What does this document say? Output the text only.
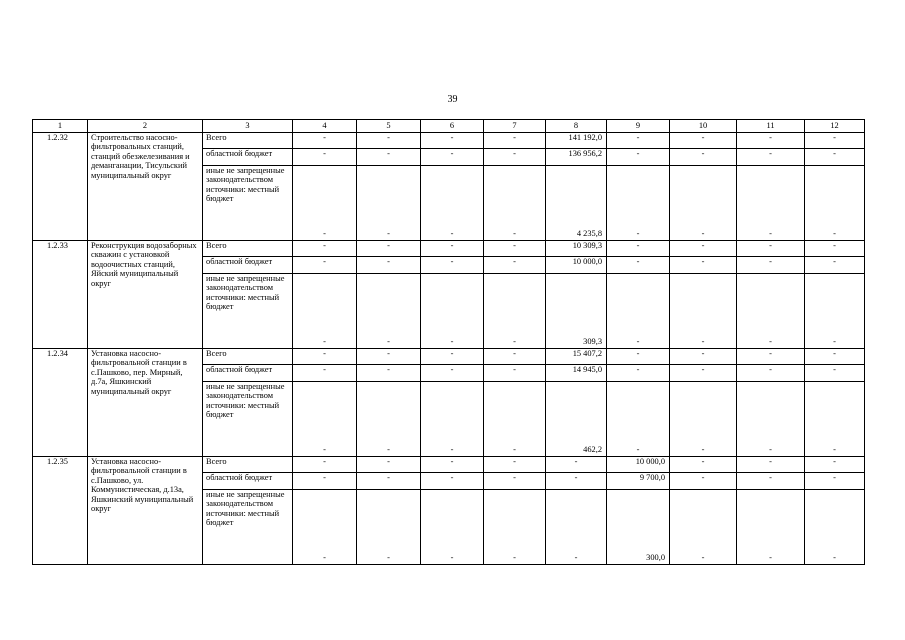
39
1	2	3	4	5	6	7	8	9	10	11	12
1.2.32	Строительство насосно-фильтровальных станций, станций обезжелезивания и деманганации, Тисульский муниципальный округ	Всего	-	-	-	-	141 192,0	-	-	-	-
		областной бюджет	-	-	-	-	136 956,2	-	-	-	-

		иные не запрещенные законодательством источники: местный бюджет	-	-	-	-	4 235,8	-	-	-	-
1.2.33	Реконструкция водозаборных скважин с установкой водоочистных станций, Яйский муниципальный округ	Всего	-	-	-	-	10 309,3	-	-	-	-
		областной бюджет	-	-	-	-	10 000,0	-	-	-	-

		иные не запрещенные законодательством источники: местный бюджет	-	-	-	-	309,3	-	-	-	-
1.2.34	Установка насосно-фильтровальной станции в с.Пашково, пер. Мирный, д.7а, Яшкинский муниципальный округ	Всего	-	-	-	-	15 407,2	-	-	-	-
		областной бюджет	-	-	-	-	14 945,0	-	-	-	-

		иные не запрещенные законодательством источники: местный бюджет	-	-	-	-	462,2	-	-	-	-
1.2.35	Установка насосно-фильтровальной станции в с.Пашково, ул. Коммунистическая, д.13а, Яшкинский муниципальный округ	Всего	-	-	-	-	-	10 000,0	-	-	-
		областной бюджет	-	-	-	-	-	9 700,0	-	-	-

		иные не запрещенные законодательством источники: местный бюджет	-	-	-	-	-	300,0	-	-	-
